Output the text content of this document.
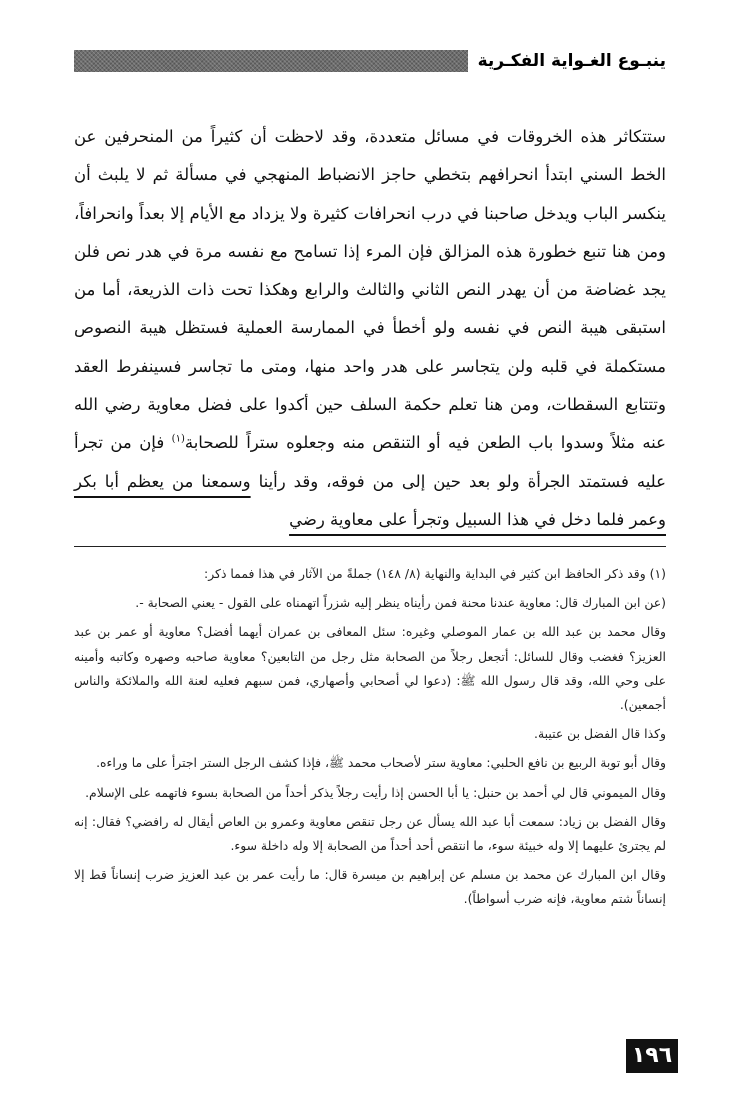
ينبـوع الغـواية الفكـرية

ستتكاثر هذه الخروقات في مسائل متعددة، وقد لاحظت أن كثيراً من المنحرفين عن الخط السني ابتدأ انحرافهم بتخطي حاجز الانضباط المنهجي في مسألة ثم لا يلبث أن ينكسر الباب ويدخل صاحبنا في درب انحرافات كثيرة ولا يزداد مع الأيام إلا بعداً وانحرافاً، ومن هنا تنبع خطورة هذه المزالق فإن المرء إذا تسامح مع نفسه مرة في هدر نص فلن يجد غضاضة من أن يهدر النص الثاني والثالث والرابع وهكذا تحت ذات الذريعة، أما من استبقى هيبة النص في نفسه ولو أخطأ في الممارسة العملية فستظل هيبة النصوص مستكملة في قلبه ولن يتجاسر على هدر واحد منها، ومتى ما تجاسر فسينفرط العقد وتتتابع السقطات، ومن هنا تعلم حكمة السلف حين أكدوا على فضل معاوية رضي الله عنه مثلاً وسدوا باب الطعن فيه أو التنقص منه وجعلوه ستراً للصحابة$^{(١)}$ فإن من تجرأ عليه فستمتد الجرأة ولو بعد حين إلى من فوقه، وقد رأينا وسمعنا من يعظم أبا بكر وعمر فلما دخل في هذا السبيل وتجرأ على معاوية رضي

(١) وقد ذكر الحافظ ابن كثير في البداية والنهاية (٨/ ١٤٨) جملةً من الآثار في هذا فمما ذكر:

(عن ابن المبارك قال: معاوية عندنا محنة فمن رأيناه ينظر إليه شزراً اتهمناه على القول - يعني الصحابة -.

وقال محمد بن عبد الله بن عمار الموصلي وغيره: سئل المعافى بن عمران أيهما أفضل؟ معاوية أو عمر بن عبد العزيز؟ فغضب وقال للسائل: أتجعل رجلاً من الصحابة مثل رجل من التابعين؟ معاوية صاحبه وصهره وكاتبه وأمينه على وحي الله، وقد قال رسول الله ﷺ: (دعوا لي أصحابي وأصهاري، فمن سبهم فعليه لعنة الله والملائكة والناس أجمعين).

وكذا قال الفضل بن عتيبة.

وقال أبو توبة الربيع بن نافع الحلبي: معاوية ستر لأصحاب محمد ﷺ، فإذا كشف الرجل الستر اجترأ على ما وراءه.

وقال الميموني قال لي أحمد بن حنبل: يا أبا الحسن إذا رأيت رجلاً يذكر أحداً من الصحابة بسوء فاتهمه على الإسلام.

وقال الفضل بن زياد: سمعت أبا عبد الله يسأل عن رجل تنقص معاوية وعمرو بن العاص أيقال له رافضي؟ فقال: إنه لم يجترئ عليهما إلا وله خبيئة سوء، ما انتقص أحد أحداً من الصحابة إلا وله داخلة سوء.

وقال ابن المبارك عن محمد بن مسلم عن إبراهيم بن ميسرة قال: ما رأيت عمر بن عبد العزيز ضرب إنساناً قط إلا إنساناً شتم معاوية، فإنه ضرب أسواطاً).

١٩٦
